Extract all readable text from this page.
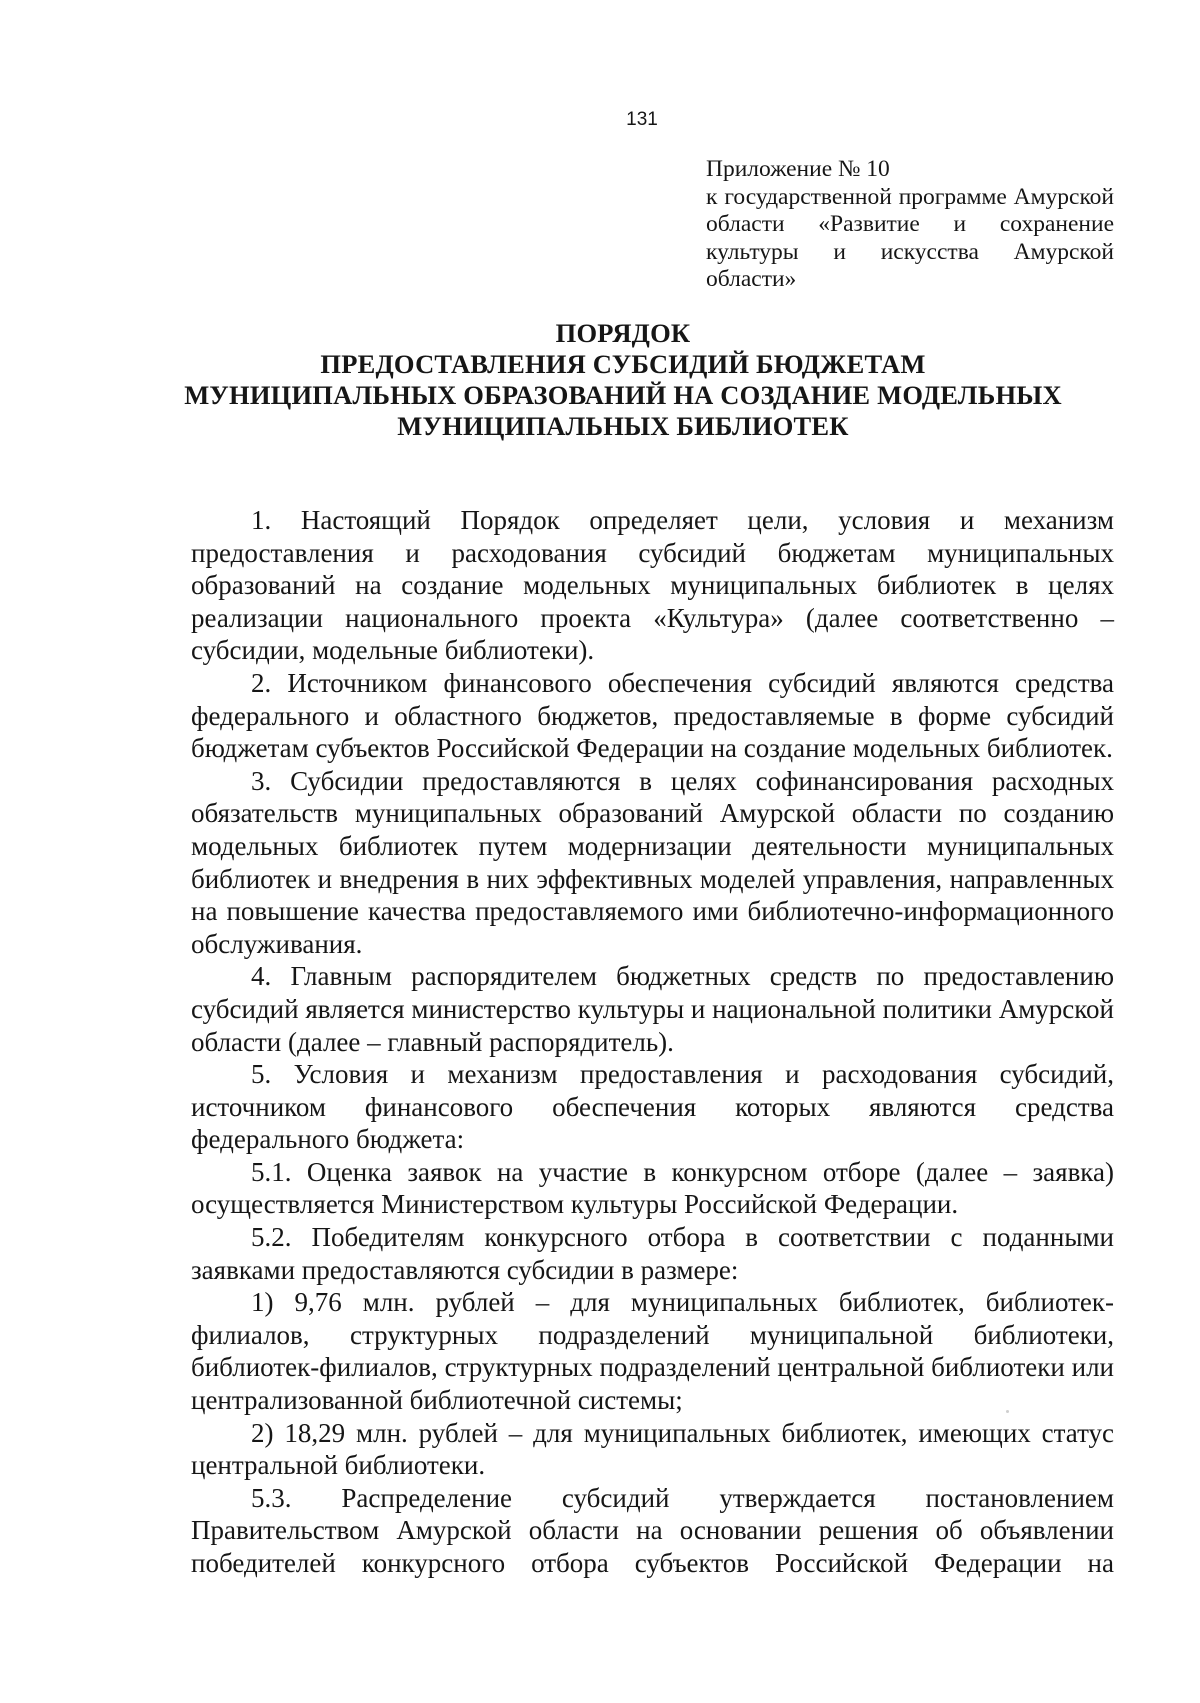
131
Приложение № 10
к государственной программе Амурской
области «Развитие и сохранение
культуры и искусства Амурской
области»
ПОРЯДОК
ПРЕДОСТАВЛЕНИЯ СУБСИДИЙ БЮДЖЕТАМ
МУНИЦИПАЛЬНЫХ ОБРАЗОВАНИЙ НА СОЗДАНИЕ МОДЕЛЬНЫХ
МУНИЦИПАЛЬНЫХ БИБЛИОТЕК

1. Настоящий Порядок определяет цели, условия и механизм предоставления и расходования субсидий бюджетам муниципальных образований на создание модельных муниципальных библиотек в целях реализации национального проекта «Культура» (далее соответственно – субсидии, модельные библиотеки).

2. Источником финансового обеспечения субсидий являются средства федерального и областного бюджетов, предоставляемые в форме субсидий бюджетам субъектов Российской Федерации на создание модельных библиотек.

3. Субсидии предоставляются в целях софинансирования расходных обязательств муниципальных образований Амурской области по созданию модельных библиотек путем модернизации деятельности муниципальных библиотек и внедрения в них эффективных моделей управления, направленных на повышение качества предоставляемого ими библиотечно-информационного обслуживания.

4. Главным распорядителем бюджетных средств по предоставлению субсидий является министерство культуры и национальной политики Амурской области (далее – главный распорядитель).

5. Условия и механизм предоставления и расходования субсидий, источником финансового обеспечения которых являются средства федерального бюджета:

5.1. Оценка заявок на участие в конкурсном отборе (далее – заявка) осуществляется Министерством культуры Российской Федерации.

5.2. Победителям конкурсного отбора в соответствии с поданными заявками предоставляются субсидии в размере:

1) 9,76 млн. рублей – для муниципальных библиотек, библиотек-филиалов, структурных подразделений муниципальной библиотеки, библиотек-филиалов, структурных подразделений центральной библиотеки или централизованной библиотечной системы;

2) 18,29 млн. рублей – для муниципальных библиотек, имеющих статус центральной библиотеки.

5.3. Распределение субсидий утверждается постановлением Правительством Амурской области на основании решения об объявлении победителей конкурсного отбора субъектов Российской Федерации на
